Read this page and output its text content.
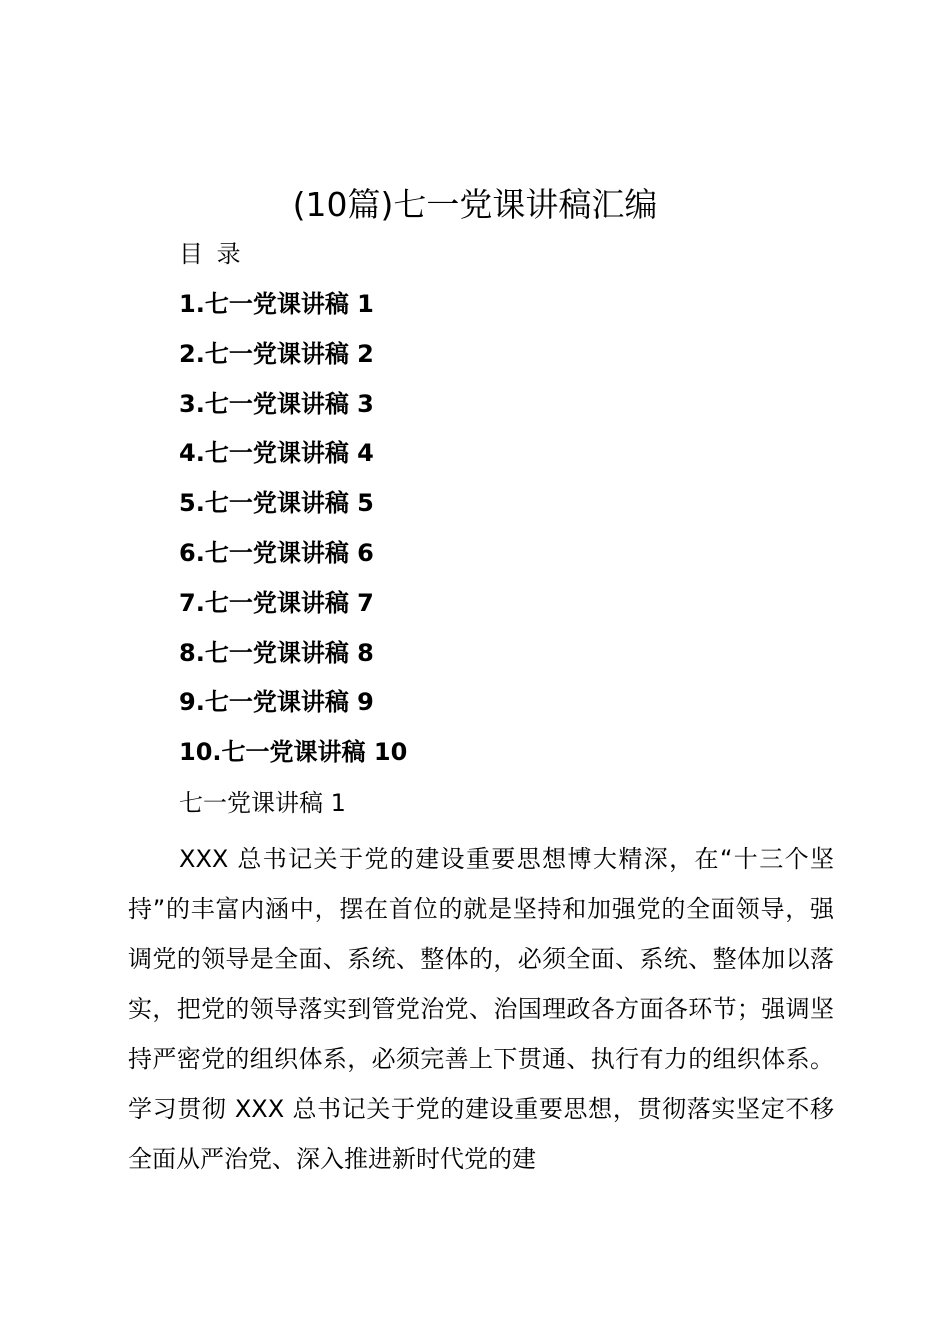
(10篇)七一党课讲稿汇编
目 录
1.七一党课讲稿 1
2.七一党课讲稿 2
3.七一党课讲稿 3
4.七一党课讲稿 4
5.七一党课讲稿 5
6.七一党课讲稿 6
7.七一党课讲稿 7
8.七一党课讲稿 8
9.七一党课讲稿 9
10.七一党课讲稿 10
七一党课讲稿 1

XXX 总书记关于党的建设重要思想博大精深，在“十三个坚持”的丰富内涵中，摆在首位的就是坚持和加强党的全面领导，强调党的领导是全面、系统、整体的，必须全面、系统、整体加以落实，把党的领导落实到管党治党、治国理政各方面各环节；强调坚持严密党的组织体系，必须完善上下贯通、执行有力的组织体系。学习贯彻 XXX 总书记关于党的建设重要思想，贯彻落实坚定不移全面从严治党、深入推进新时代党的建
